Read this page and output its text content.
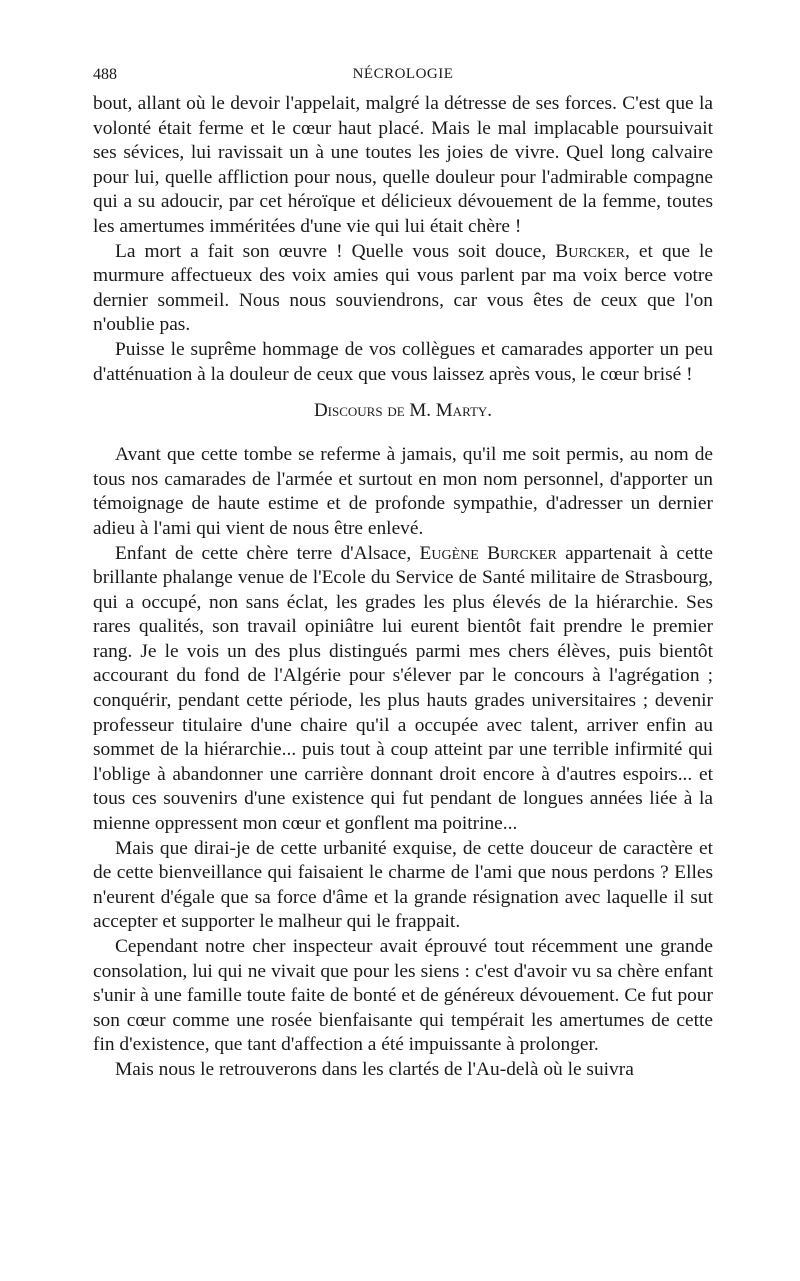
488	NÉCROLOGIE

bout, allant où le devoir l'appelait, malgré la détresse de ses forces. C'est que la volonté était ferme et le cœur haut placé. Mais le mal implacable poursuivait ses sévices, lui ravissait un à une toutes les joies de vivre. Quel long calvaire pour lui, quelle affliction pour nous, quelle douleur pour l'admirable compagne qui a su adoucir, par cet héroïque et délicieux dévouement de la femme, toutes les amertumes imméritées d'une vie qui lui était chère !

La mort a fait son œuvre ! Quelle vous soit douce, Burcker, et que le murmure affectueux des voix amies qui vous parlent par ma voix berce votre dernier sommeil. Nous nous souviendrons, car vous êtes de ceux que l'on n'oublie pas.

Puisse le suprême hommage de vos collègues et camarades apporter un peu d'atténuation à la douleur de ceux que vous laissez après vous, le cœur brisé !

Discours de M. Marty.

Avant que cette tombe se referme à jamais, qu'il me soit permis, au nom de tous nos camarades de l'armée et surtout en mon nom personnel, d'apporter un témoignage de haute estime et de profonde sympathie, d'adresser un dernier adieu à l'ami qui vient de nous être enlevé.

Enfant de cette chère terre d'Alsace, Eugène Burcker appartenait à cette brillante phalange venue de l'Ecole du Service de Santé militaire de Strasbourg, qui a occupé, non sans éclat, les grades les plus élevés de la hiérarchie. Ses rares qualités, son travail opiniâtre lui eurent bientôt fait prendre le premier rang. Je le vois un des plus distingués parmi mes chers élèves, puis bientôt accourant du fond de l'Algérie pour s'élever par le concours à l'agrégation ; conquérir, pendant cette période, les plus hauts grades universitaires ; devenir professeur titulaire d'une chaire qu'il a occupée avec talent, arriver enfin au sommet de la hiérarchie... puis tout à coup atteint par une terrible infirmité qui l'oblige à abandonner une carrière donnant droit encore à d'autres espoirs... et tous ces souvenirs d'une existence qui fut pendant de longues années liée à la mienne oppressent mon cœur et gonflent ma poitrine...

Mais que dirai-je de cette urbanité exquise, de cette douceur de caractère et de cette bienveillance qui faisaient le charme de l'ami que nous perdons ? Elles n'eurent d'égale que sa force d'âme et la grande résignation avec laquelle il sut accepter et supporter le malheur qui le frappait.

Cependant notre cher inspecteur avait éprouvé tout récemment une grande consolation, lui qui ne vivait que pour les siens : c'est d'avoir vu sa chère enfant s'unir à une famille toute faite de bonté et de généreux dévouement. Ce fut pour son cœur comme une rosée bienfaisante qui tempérait les amertumes de cette fin d'existence, que tant d'affection a été impuissante à prolonger.

Mais nous le retrouverons dans les clartés de l'Au-delà où le suivra
